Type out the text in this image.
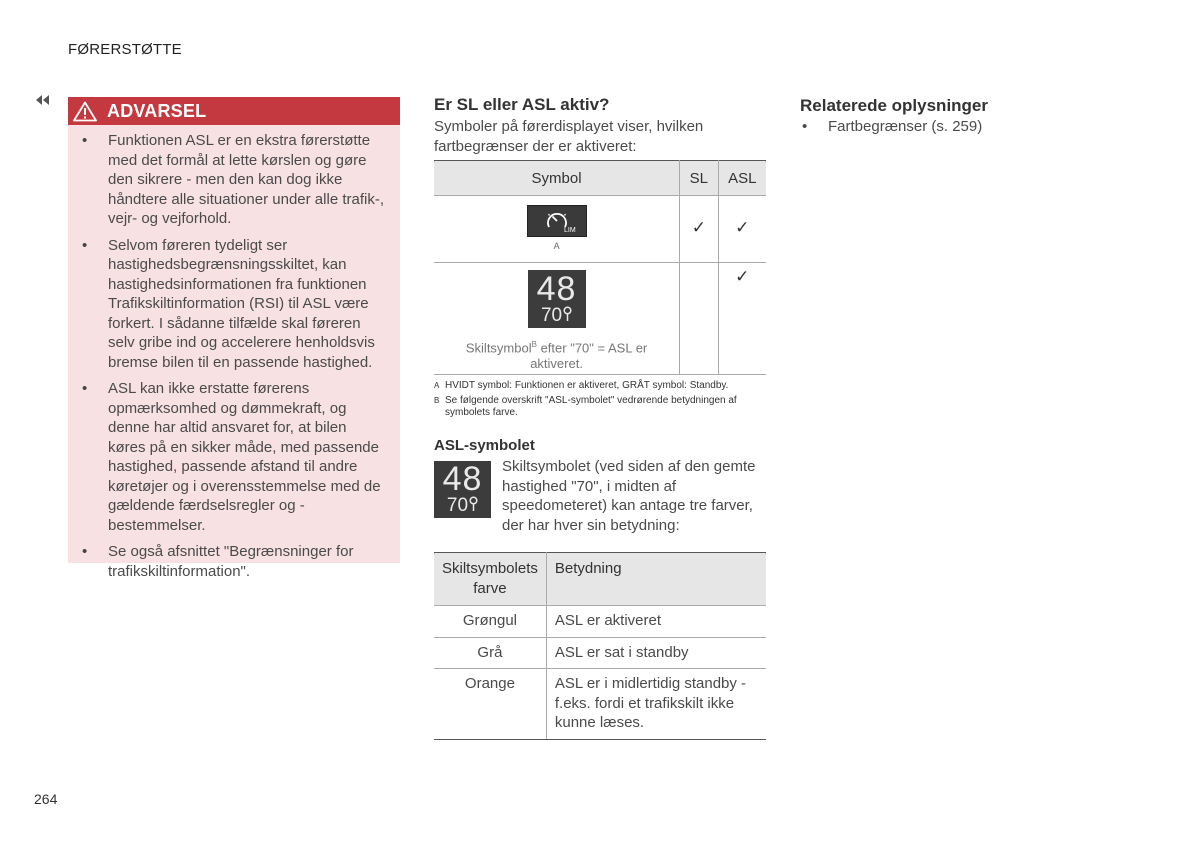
FØRERSTØTTE
ADVARSEL
• Funktionen ASL er en ekstra førerstøtte med det formål at lette kørslen og gøre den sikrere - men den kan dog ikke håndtere alle situationer under alle trafik-, vejr- og vejforhold.
• Selvom føreren tydeligt ser hastighedsbegrænsningsskiltet, kan hastighedsinformationen fra funktionen Trafikskiltinformation (RSI) til ASL være forkert. I sådanne tilfælde skal føreren selv gribe ind og accelerere henholdsvis bremse bilen til en passende hastighed.
• ASL kan ikke erstatte førerens opmærksomhed og dømmekraft, og denne har altid ansvaret for, at bilen køres på en sikker måde, med passende hastighed, passende afstand til andre køretøjer og i overensstemmelse med de gældende færdselsregler og -bestemmelser.
• Se også afsnittet "Begrænsninger for trafikskiltinformation".
Er SL eller ASL aktiv?
Symboler på førerdisplayet viser, hvilken fartbegrænser der er aktiveret:
Symbol	SL	ASL

LIM
A	✓	✓

48
70
Skiltsymbol$^B$ efter "70" = ASL er aktiveret.		✓
A HVIDT symbol: Funktionen er aktiveret, GRÅT symbol: Standby.
B Se følgende overskrift "ASL-symbolet" vedrørende betydningen af symbolets farve.
ASL-symbolet
48
70
Skiltsymbolet (ved siden af den gemte hastighed "70", i midten af speedometeret) kan antage tre farver, der har hver sin betydning:
Skiltsymbolets farve	Betydning
Grøngul	ASL er aktiveret
Grå	ASL er sat i standby
Orange	ASL er i midlertidig standby - f.eks. fordi et trafikskilt ikke kunne læses.
Relaterede oplysninger
• Fartbegrænser (s. 259)
264
